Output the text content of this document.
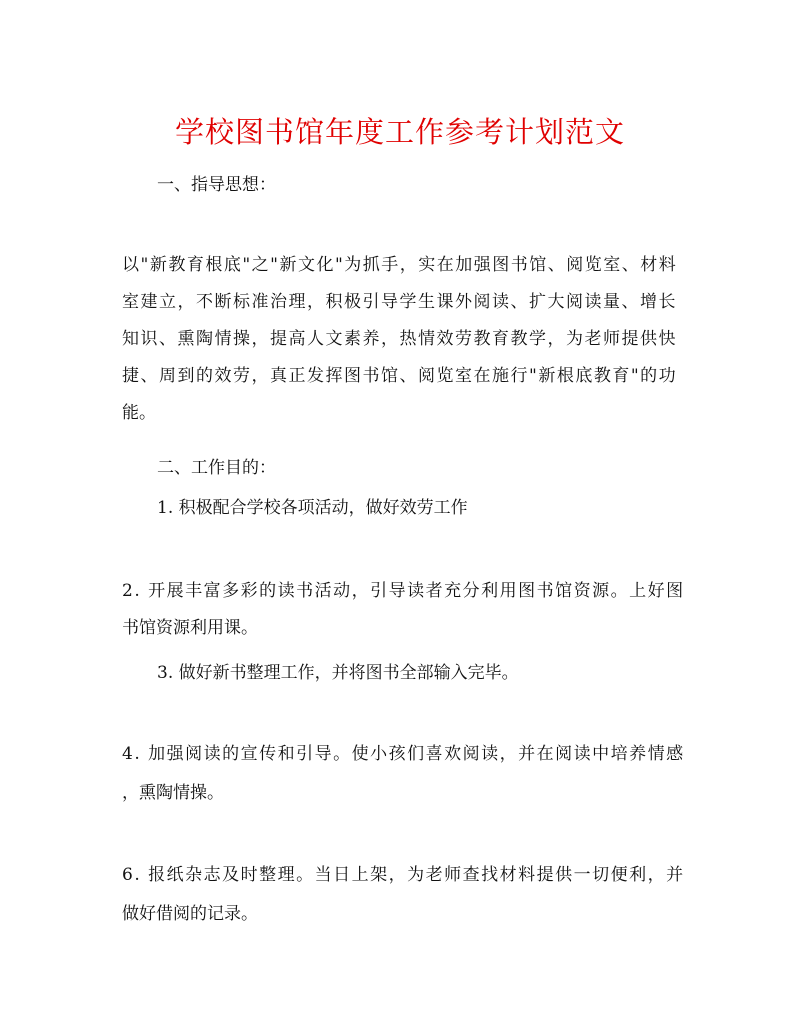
学校图书馆年度工作参考计划范文
一、指导思想：
以"新教育根底"之"新文化"为抓手，实在加强图书馆、阅览室、材料
室建立，不断标准治理，积极引导学生课外阅读、扩大阅读量、增长
知识、熏陶情操，提高人文素养，热情效劳教育教学，为老师提供快
捷、周到的效劳，真正发挥图书馆、阅览室在施行"新根底教育"的功
能。
二、工作目的：
1. 积极配合学校各项活动，做好效劳工作
2. 开展丰富多彩的读书活动，引导读者充分利用图书馆资源。上好图
书馆资源利用课。
3. 做好新书整理工作，并将图书全部输入完毕。
4. 加强阅读的宣传和引导。使小孩们喜欢阅读，并在阅读中培养情感
，熏陶情操。
6. 报纸杂志及时整理。当日上架，为老师查找材料提供一切便利，并
做好借阅的记录。
